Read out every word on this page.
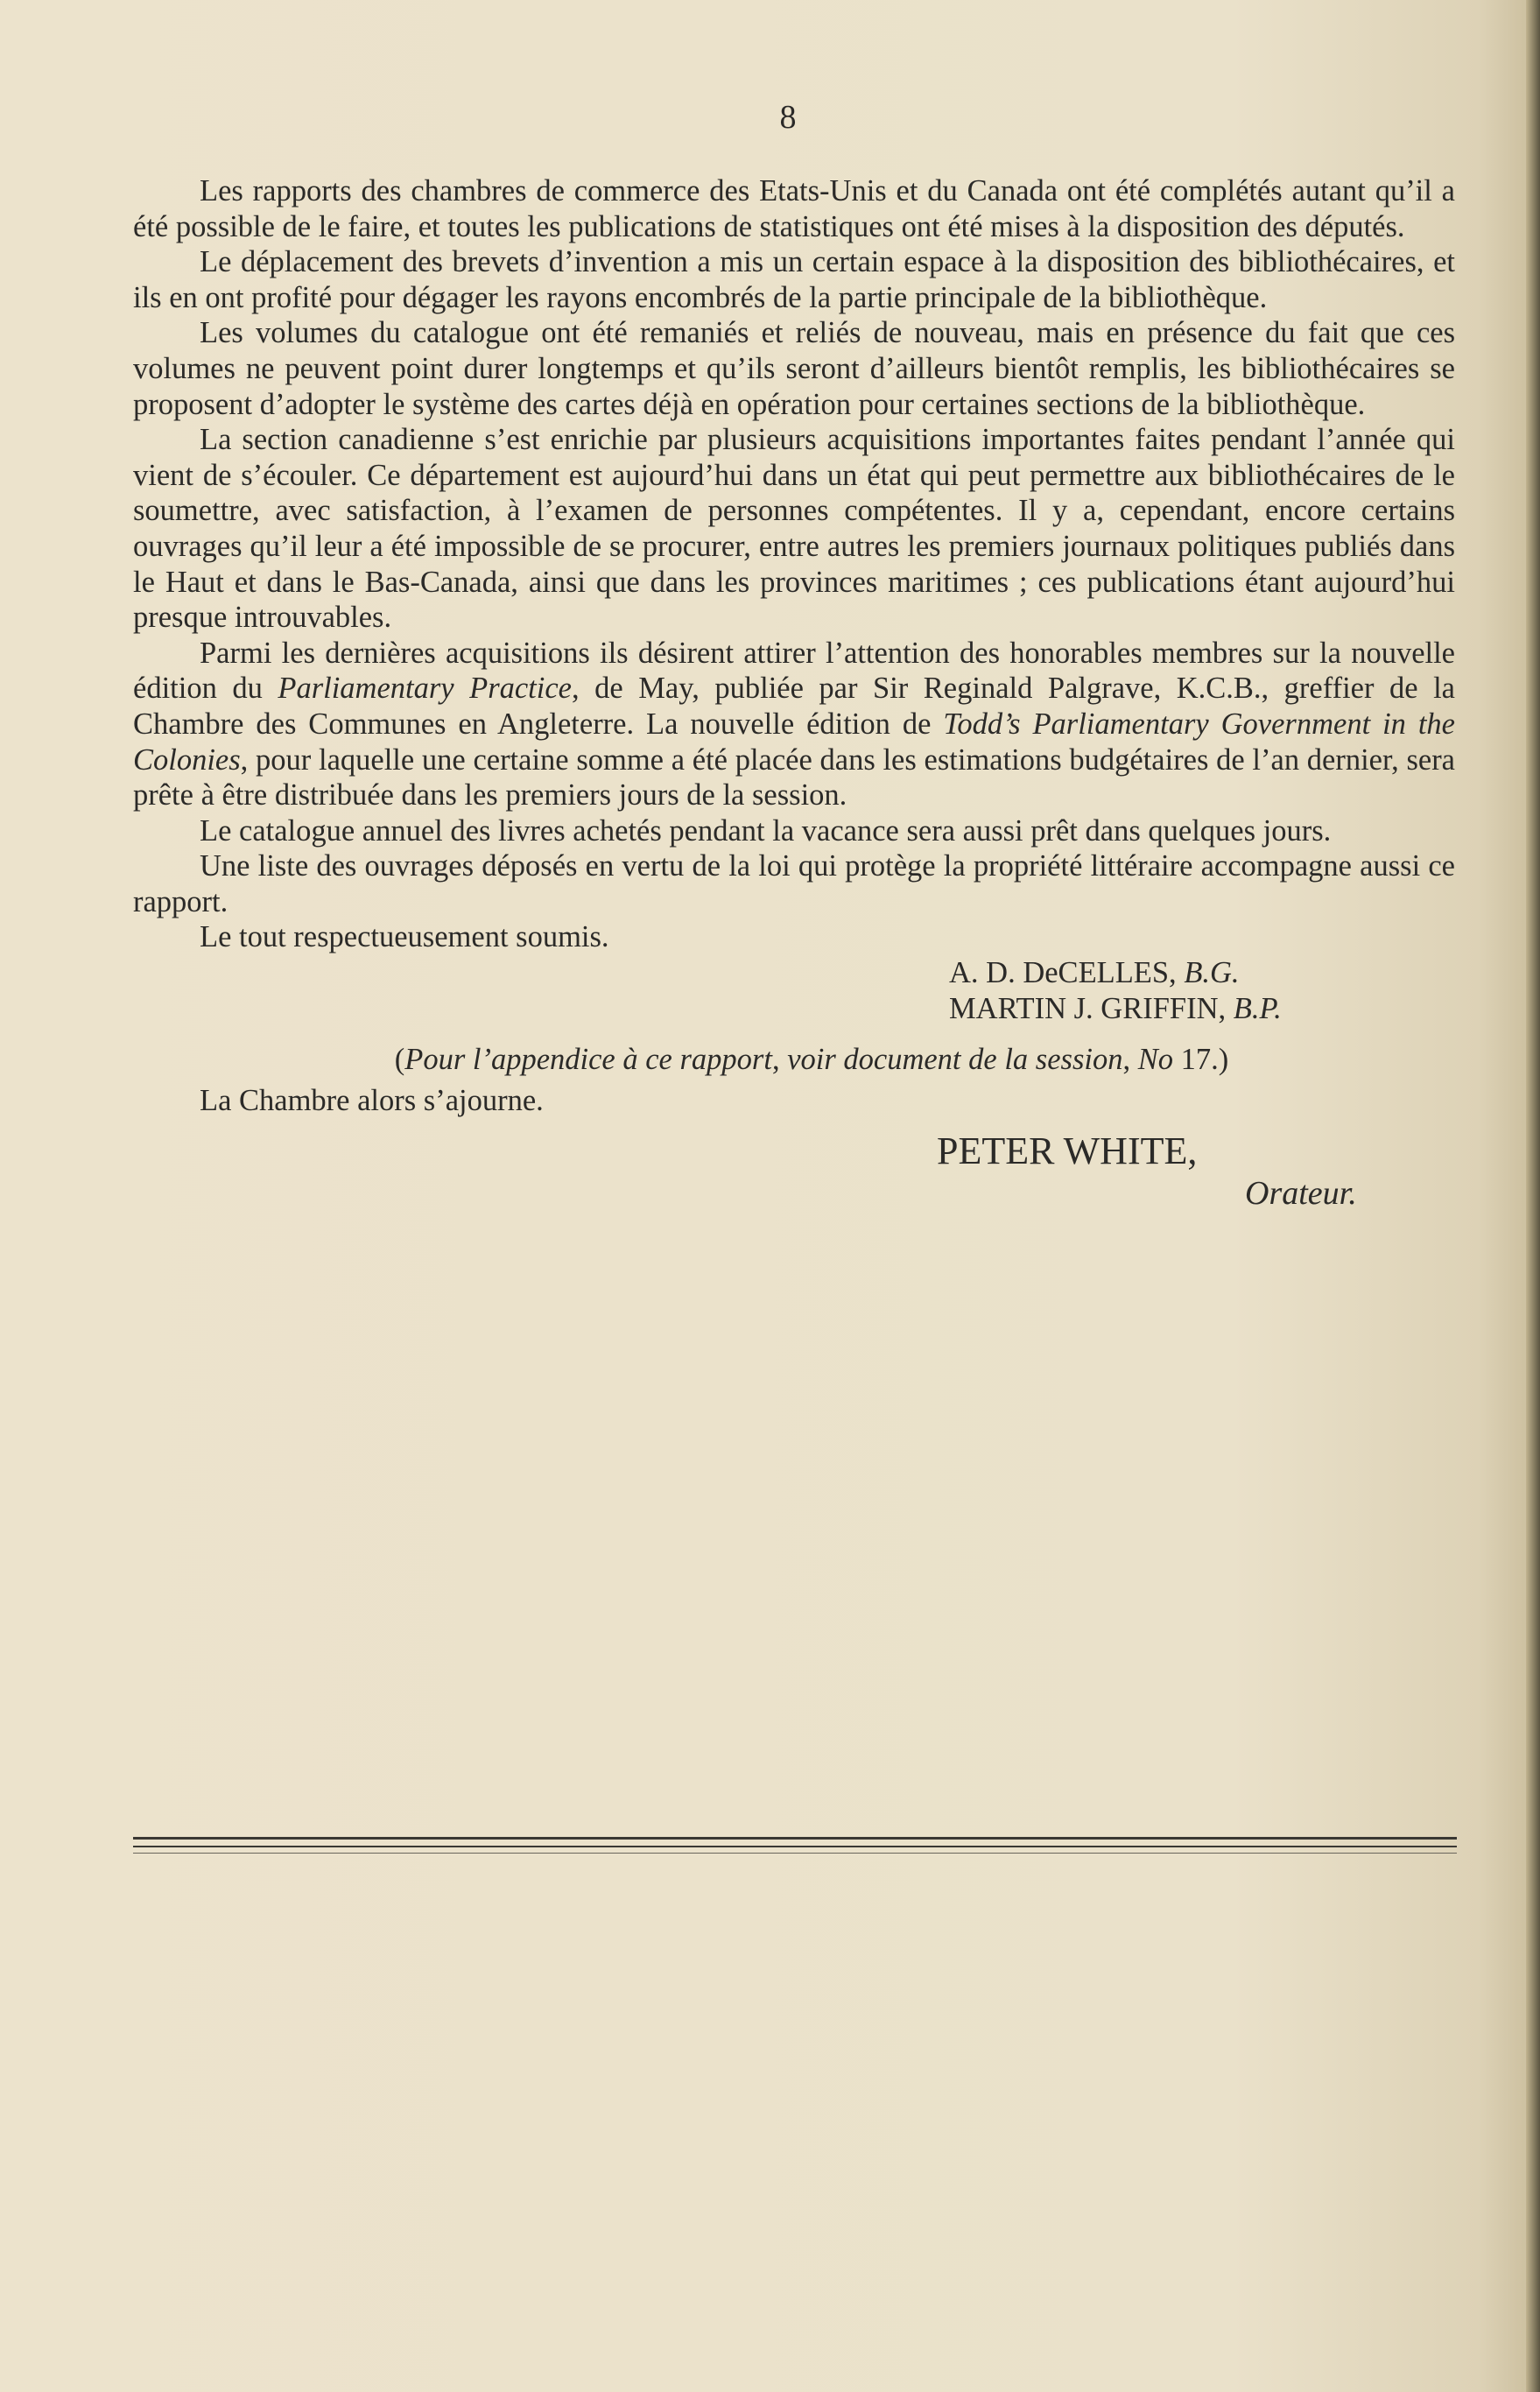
8

Les rapports des chambres de commerce des Etats-Unis et du Canada ont été complétés autant qu’il a été possible de le faire, et toutes les publications de statistiques ont été mises à la disposition des députés.

Le déplacement des brevets d’invention a mis un certain espace à la disposition des bibliothécaires, et ils en ont profité pour dégager les rayons encombrés de la partie principale de la bibliothèque.

Les volumes du catalogue ont été remaniés et reliés de nouveau, mais en présence du fait que ces volumes ne peuvent point durer longtemps et qu’ils seront d’ailleurs bientôt remplis, les bibliothécaires se proposent d’adopter le système des cartes déjà en opération pour certaines sections de la bibliothèque.

La section canadienne s’est enrichie par plusieurs acquisitions importantes faites pendant l’année qui vient de s’écouler. Ce département est aujourd’hui dans un état qui peut permettre aux bibliothécaires de le soumettre, avec satisfaction, à l’examen de personnes compétentes. Il y a, cependant, encore certains ouvrages qu’il leur a été impossible de se procurer, entre autres les premiers journaux politiques publiés dans le Haut et dans le Bas-Canada, ainsi que dans les provinces maritimes ; ces publications étant aujourd’hui presque introuvables.

Parmi les dernières acquisitions ils désirent attirer l’attention des honorables membres sur la nouvelle édition du Parliamentary Practice, de May, publiée par Sir Reginald Palgrave, K.C.B., greffier de la Chambre des Communes en Angleterre. La nouvelle édition de Todd’s Parliamentary Government in the Colonies, pour laquelle une certaine somme a été placée dans les estimations budgétaires de l’an dernier, sera prête à être distribuée dans les premiers jours de la session.

Le catalogue annuel des livres achetés pendant la vacance sera aussi prêt dans quelques jours.

Une liste des ouvrages déposés en vertu de la loi qui protège la propriété littéraire accompagne aussi ce rapport.

Le tout respectueusement soumis.

A. D. DeCELLES, B.G.
MARTIN J. GRIFFIN, B.P.
(Pour l’appendice à ce rapport, voir document de la session, No 17.)
La Chambre alors s’ajourne.
PETER WHITE,
Orateur.
